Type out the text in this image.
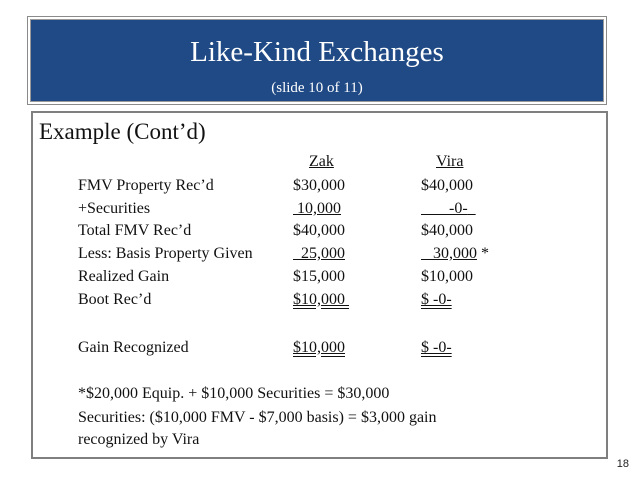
Like-Kind Exchanges
(slide 10 of 11)
Example (Cont’d)
Zak	Vira
FMV Property Rec’d	$30,000	$40,000
+Securities	10,000	-0-
Total FMV Rec’d	$40,000	$40,000
Less: Basis Property Given	25,000	30,000 *
Realized Gain	$15,000	$10,000
Boot Rec’d	$10,000	$ -0-
Gain Recognized	$10,000	$ -0-
*$20,000 Equip. + $10,000 Securities = $30,000
Securities: ($10,000 FMV - $7,000 basis) = $3,000 gain
recognized by Vira
18
